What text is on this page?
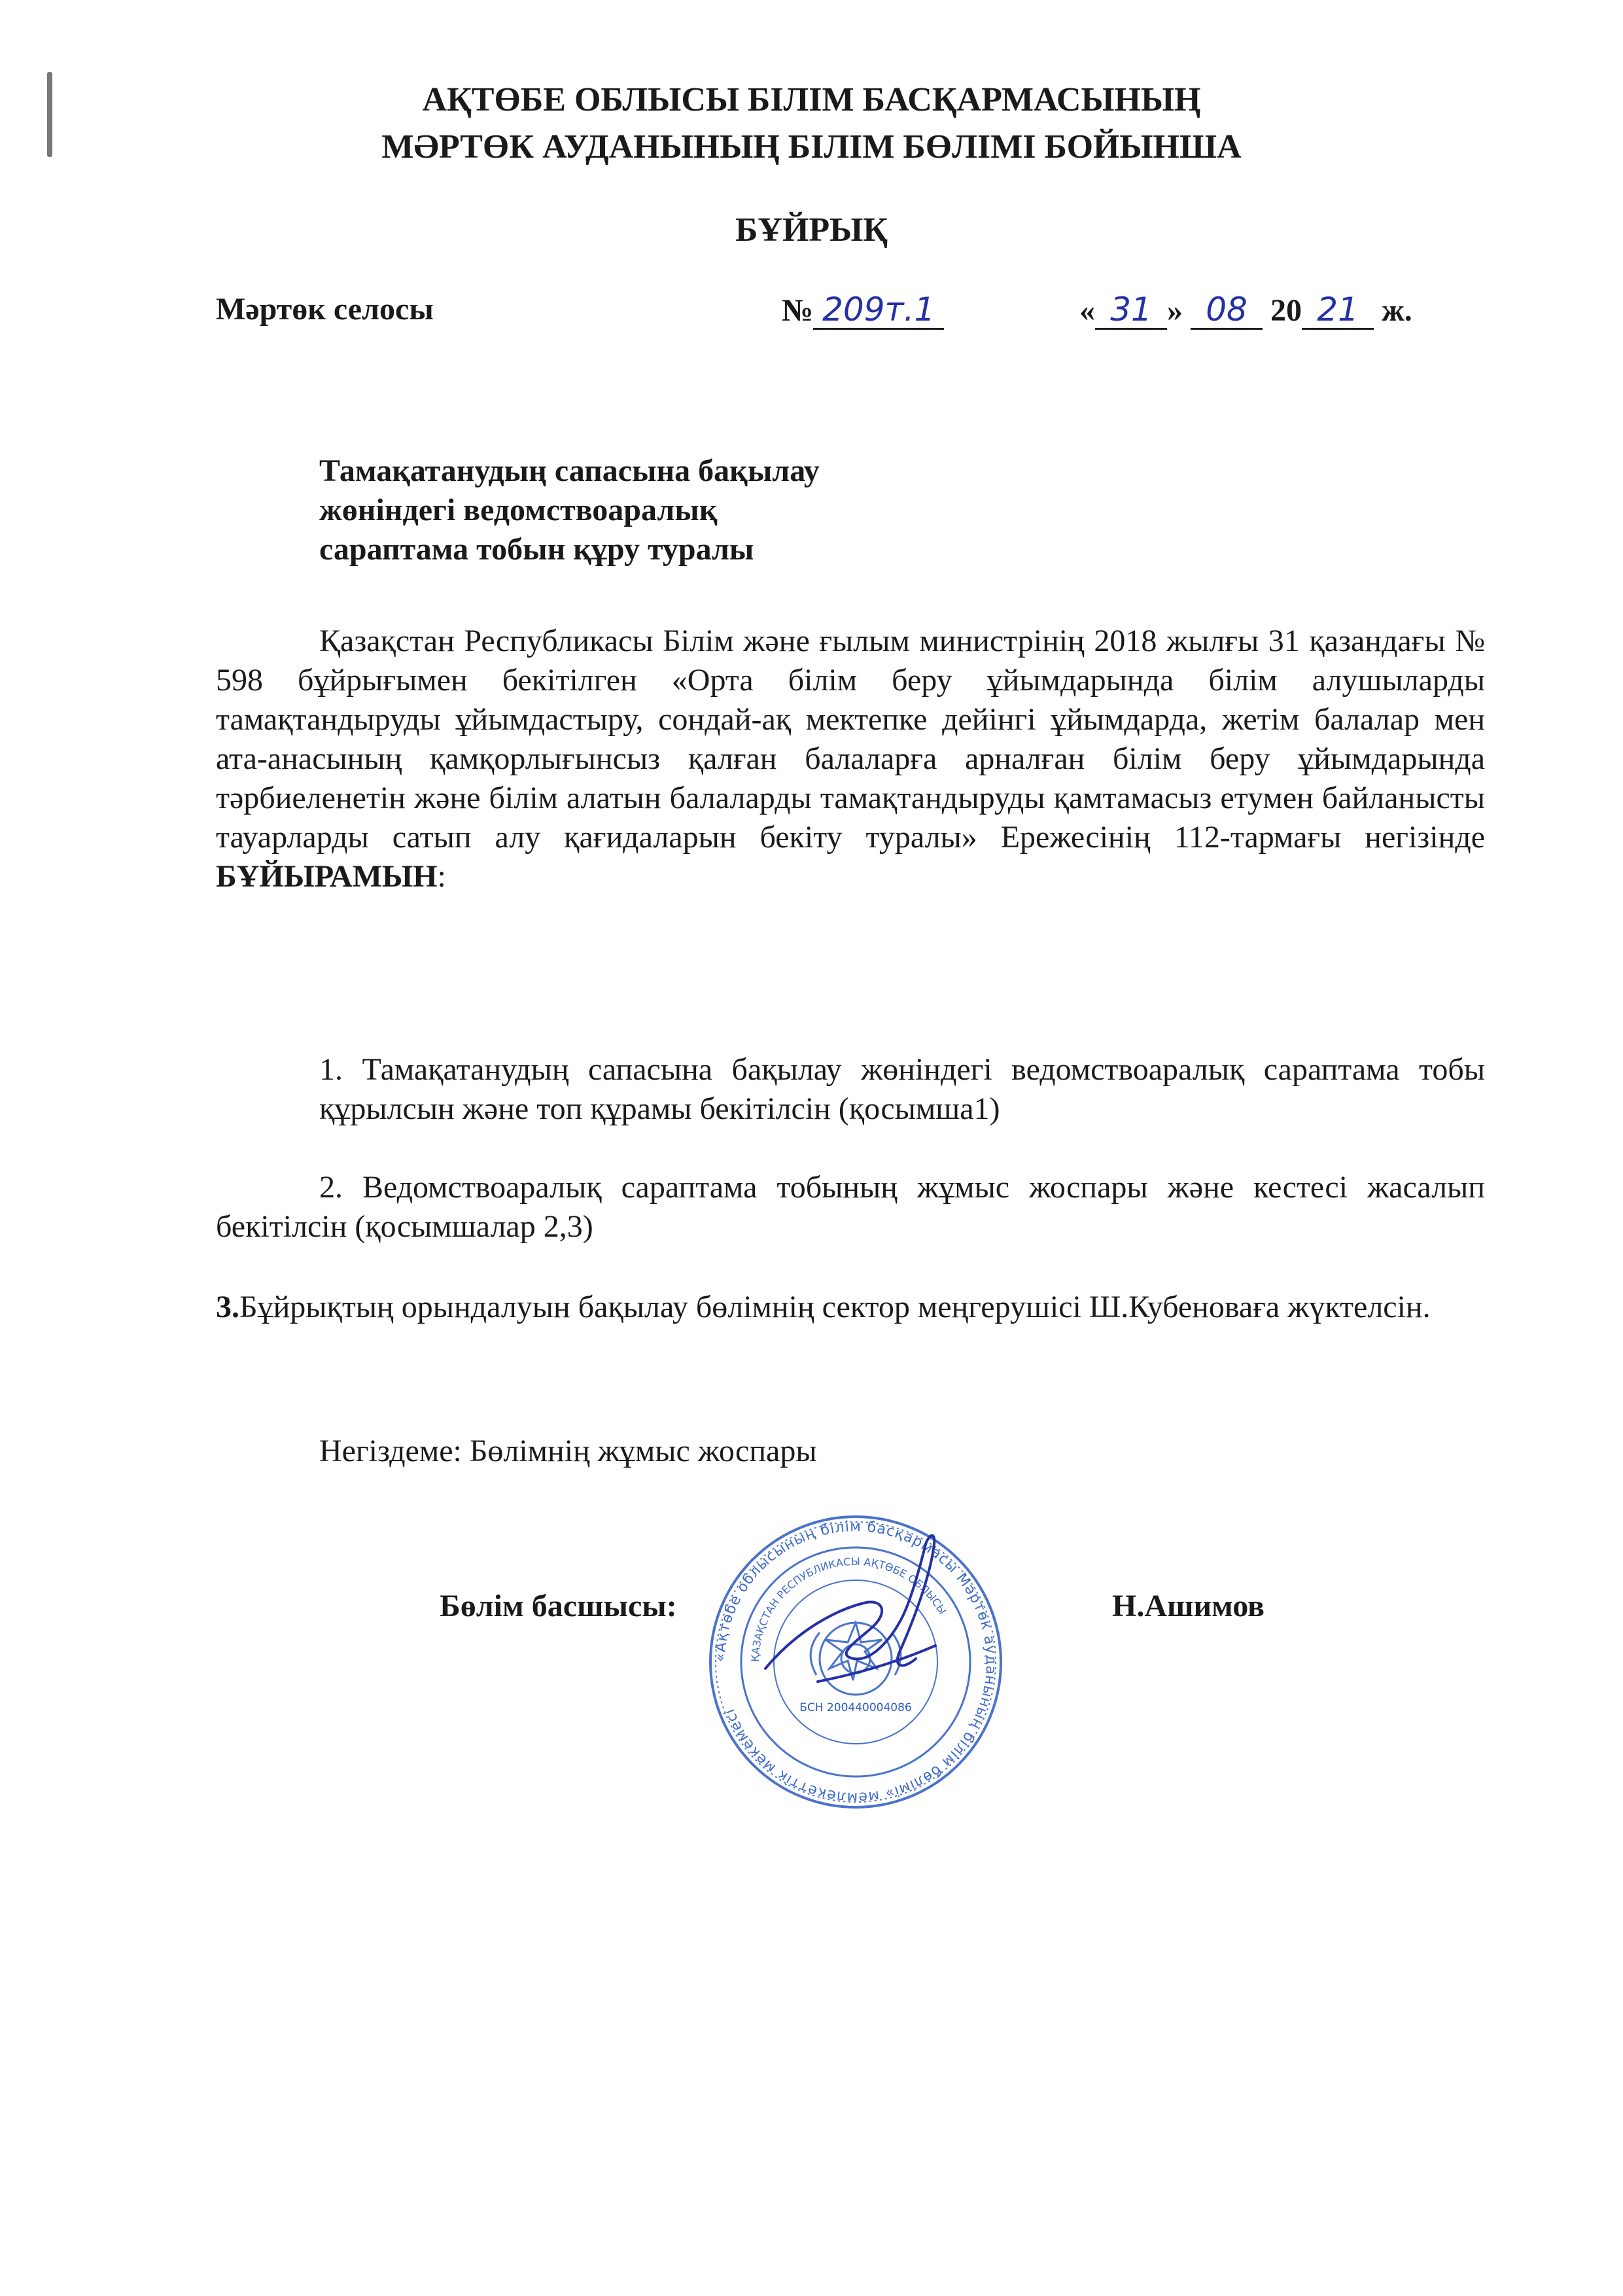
АҚТӨБЕ ОБЛЫСЫ БІЛІМ БАСҚАРМАСЫНЫҢ
МӘРТӨК АУДАНЫНЫҢ БІЛІМ БӨЛІМІ БОЙЫНША
БҰЙРЫҚ
Мәртөк селосы	№ 209т.1	« 31 » 08 20 21 ж.
Тамақатанудың сапасына бақылау
жөніндегі ведомствоаралық
сараптама тобын құру туралы
Қазақстан Республикасы Білім және ғылым министрінің 2018 жылғы 31 қазандағы № 598 бұйрығымен бекітілген «Орта білім беру ұйымдарында білім алушыларды тамақтандыруды ұйымдастыру, сондай-ақ мектепке дейінгі ұйымдарда, жетім балалар мен ата-анасының қамқорлығынсыз қалған балаларға арналған білім беру ұйымдарында тәрбиеленетін және білім алатын балаларды тамақтандыруды қамтамасыз етумен байланысты тауарларды сатып алу қағидаларын бекіту туралы» Ережесінің 112-тармағы негізінде БҰЙЫРАМЫН:
1. Тамақатанудың сапасына бақылау жөніндегі ведомствоаралық сараптама тобы құрылсын және топ құрамы бекітілсін (қосымша1)
2. Ведомствоаралық сараптама тобының жұмыс жоспары және кестесі жасалып бекітілсін (қосымшалар 2,3)
3.Бұйрықтың орындалуын бақылау бөлімнің сектор меңгерушісі Ш.Кубеноваға жүктелсін.
Негіздеме: Бөлімнің жұмыс жоспары
«Ақтөбе облысының білім басқармасы Мәртөк ауданының білім бөлімі» мемлекеттік мекемесі
ҚАЗАҚСТАН РЕСПУБЛИКАСЫ АҚТӨБЕ ОБЛЫСЫ
БСН 200440004086
Бөлім басшысы:	Н.Ашимов
